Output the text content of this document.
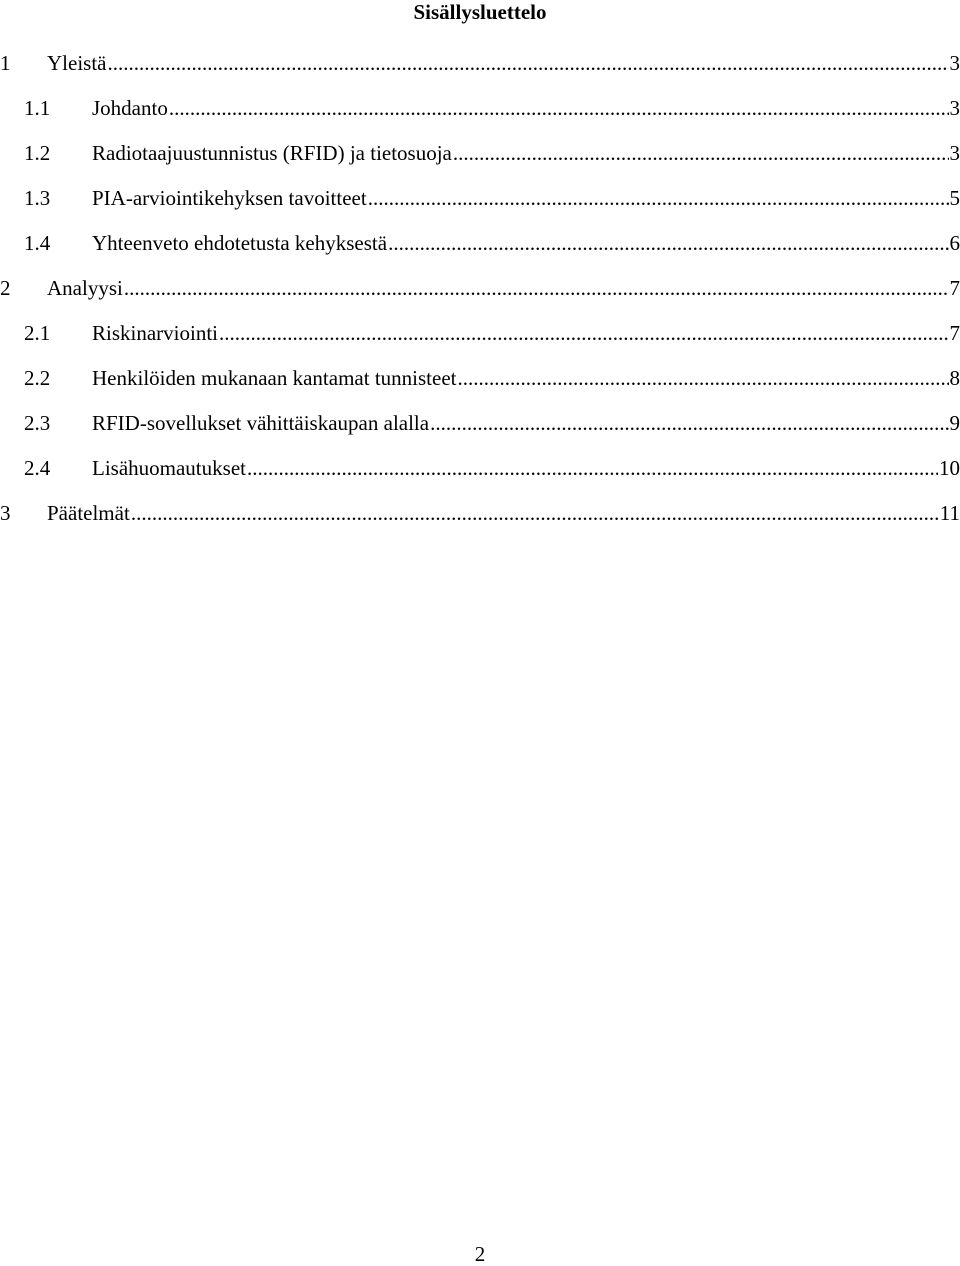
Sisällysluettelo
1 Yleistä .....	3
1.1 Johdanto .....	3
1.2 Radiotaajuustunnistus (RFID) ja tietosuoja .....	3
1.3 PIA-arviointikehyksen tavoitteet .....	5
1.4 Yhteenveto ehdotetusta kehyksestä .....	6
2 Analyysi .....	7
2.1 Riskinarviointi .....	7
2.2 Henkilöiden mukanaan kantamat tunnisteet .....	8
2.3 RFID-sovellukset vähittäiskaupan alalla .....	9
2.4 Lisähuomautukset .....	10
3 Päätelmät .....	11
2
